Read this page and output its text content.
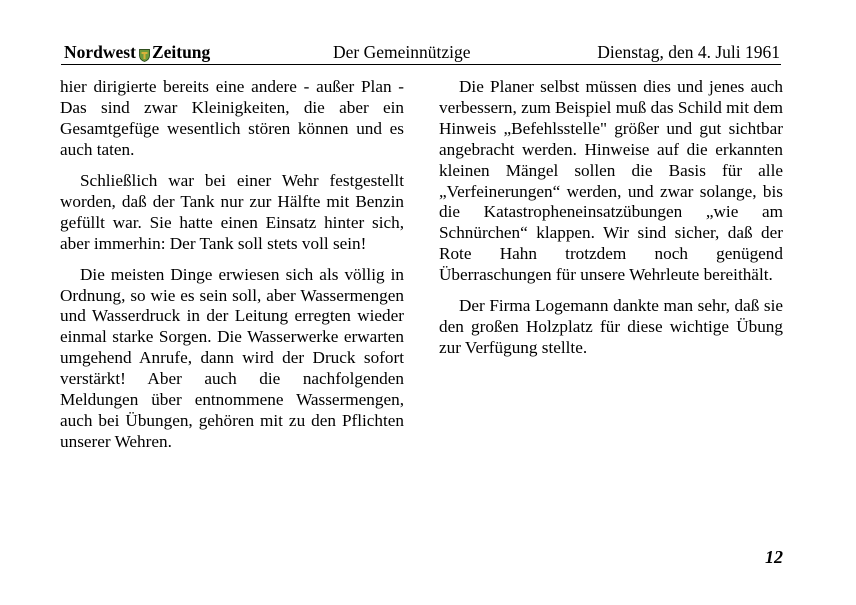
Nordwest Zeitung	Der Gemeinnützige	Dienstag, den 4. Juli 1961

hier dirigierte bereits eine andere - außer Plan - Das sind zwar Kleinigkeiten, die aber ein Gesamtgefüge wesentlich stören können und es auch taten.

Schließlich war bei einer Wehr festgestellt worden, daß der Tank nur zur Hälfte mit Benzin gefüllt war. Sie hatte einen Einsatz hinter sich, aber immerhin: Der Tank soll stets voll sein!

Die meisten Dinge erwiesen sich als völlig in Ordnung, so wie es sein soll, aber Wassermengen und Wasserdruck in der Leitung erregten wieder einmal starke Sorgen. Die Wasserwerke erwarten umgehend Anrufe, dann wird der Druck sofort verstärkt! Aber auch die nachfolgenden Meldungen über entnommene Wassermengen, auch bei Übungen, gehören mit zu den Pflichten unserer Wehren.

Die Planer selbst müssen dies und jenes auch verbessern, zum Beispiel muß das Schild mit dem Hinweis „Befehlsstelle" größer und gut sichtbar angebracht werden. Hinweise auf die erkannten kleinen Mängel sollen die Basis für alle „Verfeinerungen“ werden, und zwar solange, bis die Katastropheneinsatzübungen „wie am Schnürchen“ klappen. Wir sind sicher, daß der Rote Hahn trotzdem noch genügend Überraschungen für unsere Wehrleute bereithält.

Der Firma Logemann dankte man sehr, daß sie den großen Holzplatz für diese wichtige Übung zur Verfügung stellte.

12
